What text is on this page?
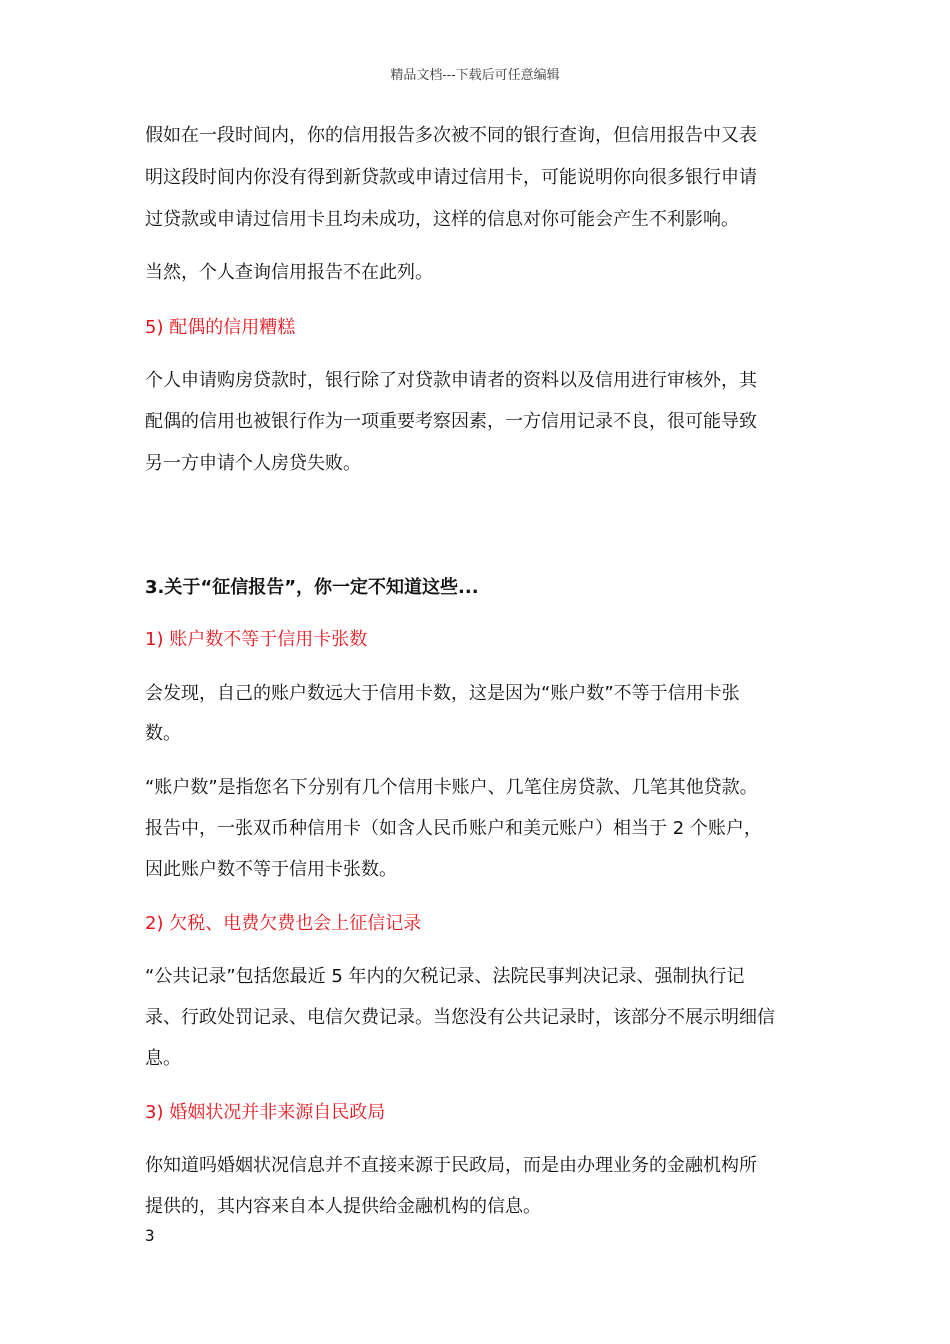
精品文档---下载后可任意编辑
假如在一段时间内，你的信用报告多次被不同的银行查询，但信用报告中又表
明这段时间内你没有得到新贷款或申请过信用卡，可能说明你向很多银行申请
过贷款或申请过信用卡且均未成功，这样的信息对你可能会产生不利影响。
当然，个人查询信用报告不在此列。
5) 配偶的信用糟糕
个人申请购房贷款时，银行除了对贷款申请者的资料以及信用进行审核外，其
配偶的信用也被银行作为一项重要考察因素，一方信用记录不良，很可能导致
另一方申请个人房贷失败。
3.关于“征信报告”，你一定不知道这些...
1) 账户数不等于信用卡张数
会发现，自己的账户数远大于信用卡数，这是因为“账户数”不等于信用卡张
数。
“账户数”是指您名下分别有几个信用卡账户、几笔住房贷款、几笔其他贷款。
报告中，一张双币种信用卡（如含人民币账户和美元账户）相当于 2 个账户，
因此账户数不等于信用卡张数。
2) 欠税、电费欠费也会上征信记录
“公共记录”包括您最近 5 年内的欠税记录、法院民事判决记录、强制执行记
录、行政处罚记录、电信欠费记录。当您没有公共记录时，该部分不展示明细信
息。
3) 婚姻状况并非来源自民政局
你知道吗婚姻状况信息并不直接来源于民政局，而是由办理业务的金融机构所
提供的，其内容来自本人提供给金融机构的信息。
3
